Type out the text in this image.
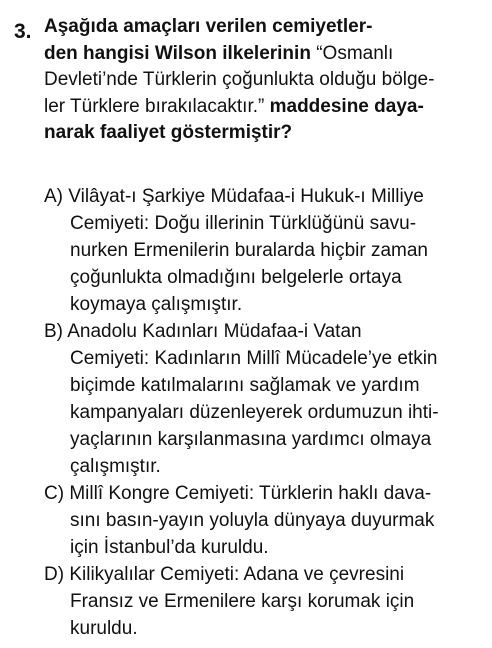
3. Aşağıda amaçları verilen cemiyetler-
den hangisi Wilson ilkelerinin “Osmanlı
Devleti’nde Türklerin çoğunlukta olduğu bölge-
ler Türklere bırakılacaktır.” maddesine daya-
narak faaliyet göstermiştir?
A) Vilâyat-ı Şarkiye Müdafaa-i Hukuk-ı Milliye
Cemiyeti: Doğu illerinin Türklüğünü savu-
nurken Ermenilerin buralarda hiçbir zaman
çoğunlukta olmadığını belgelerle ortaya
koymaya çalışmıştır.
B) Anadolu Kadınları Müdafaa-i Vatan
Cemiyeti: Kadınların Millî Mücadele’ye etkin
biçimde katılmalarını sağlamak ve yardım
kampanyaları düzenleyerek ordumuzun ihti-
yaçlarının karşılanmasına yardımcı olmaya
çalışmıştır.
C) Millî Kongre Cemiyeti: Türklerin haklı dava-
sını basın-yayın yoluyla dünyaya duyurmak
için İstanbul’da kuruldu.
D) Kilikyalılar Cemiyeti: Adana ve çevresini
Fransız ve Ermenilere karşı korumak için
kuruldu.
